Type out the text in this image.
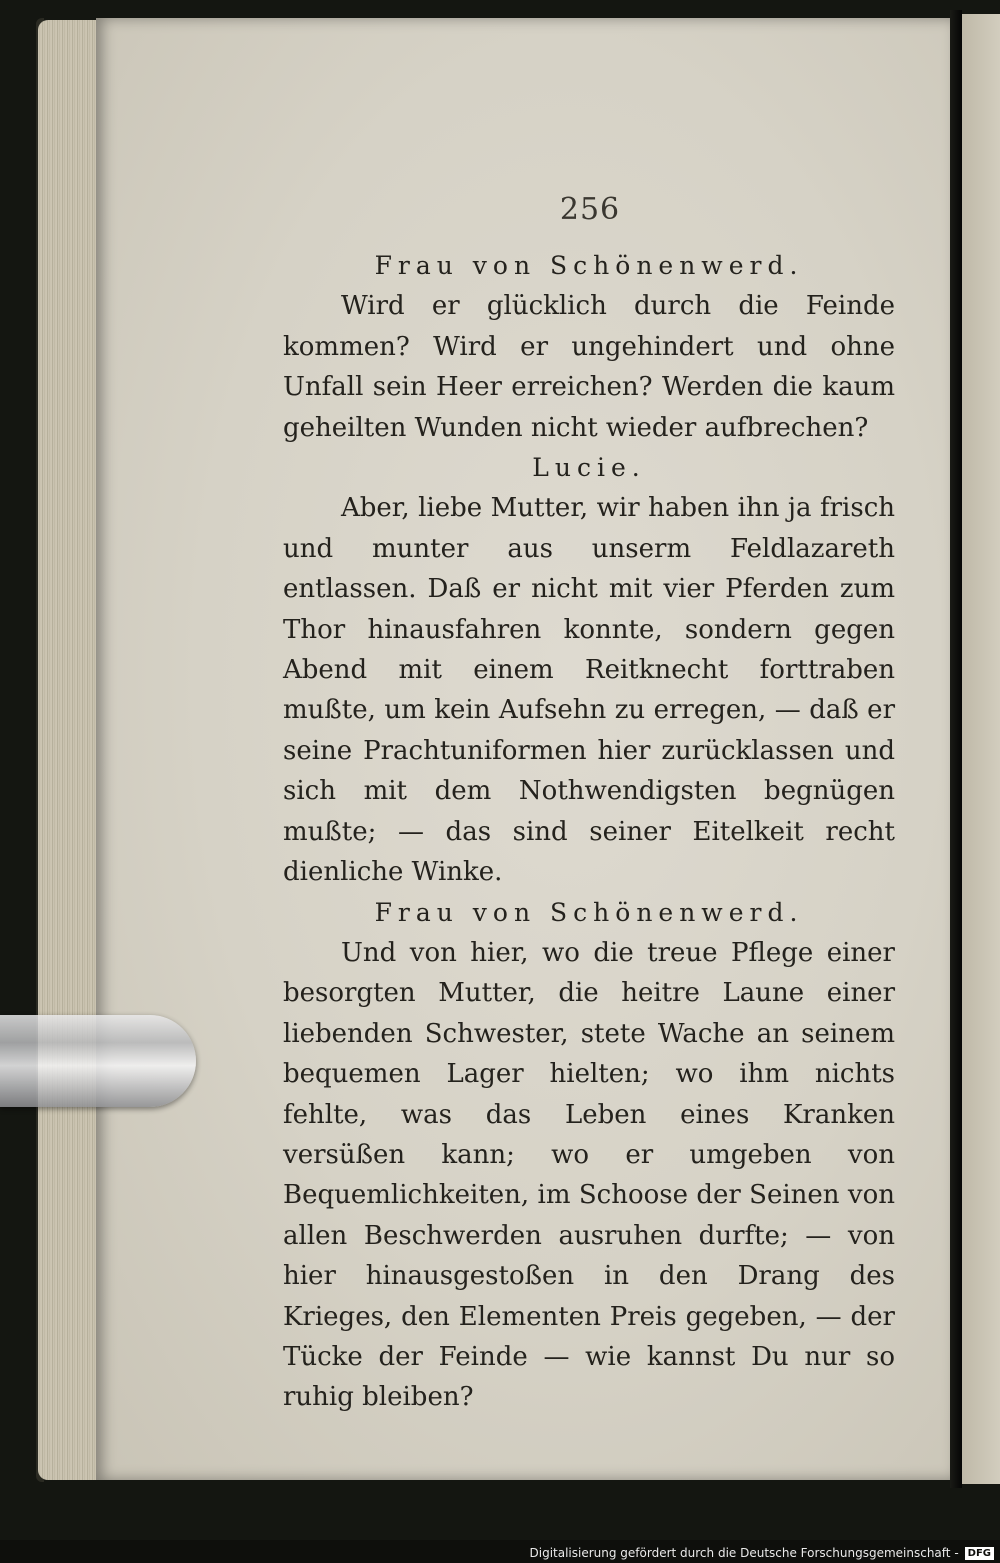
256

Frau von Schönenwerd.

Wird er glücklich durch die Feinde kommen? Wird er ungehindert und ohne Unfall sein Heer erreichen? Werden die kaum geheilten Wunden nicht wieder aufbrechen?

Lucie.

Aber, liebe Mutter, wir haben ihn ja frisch und munter aus unserm Feldlazareth entlassen. Daß er nicht mit vier Pferden zum Thor hinausfahren konnte, sondern gegen Abend mit einem Reitknecht forttraben mußte, um kein Aufsehn zu erregen, — daß er seine Prachtuniformen hier zurücklassen und sich mit dem Nothwendigsten begnügen mußte; — das sind seiner Eitelkeit recht dienliche Winke.

Frau von Schönenwerd.

Und von hier, wo die treue Pflege einer besorgten Mutter, die heitre Laune einer liebenden Schwester, stete Wache an seinem bequemen Lager hielten; wo ihm nichts fehlte, was das Leben eines Kranken versüßen kann; wo er umgeben von Bequemlichkeiten, im Schoose der Seinen von allen Beschwerden ausruhen durfte; — von hier hinausgestoßen in den Drang des Krieges, den Elementen Preis gegeben, — der Tücke der Feinde — wie kannst Du nur so ruhig bleiben?

Digitalisierung gefördert durch die Deutsche Forschungsgemeinschaft - DFG
